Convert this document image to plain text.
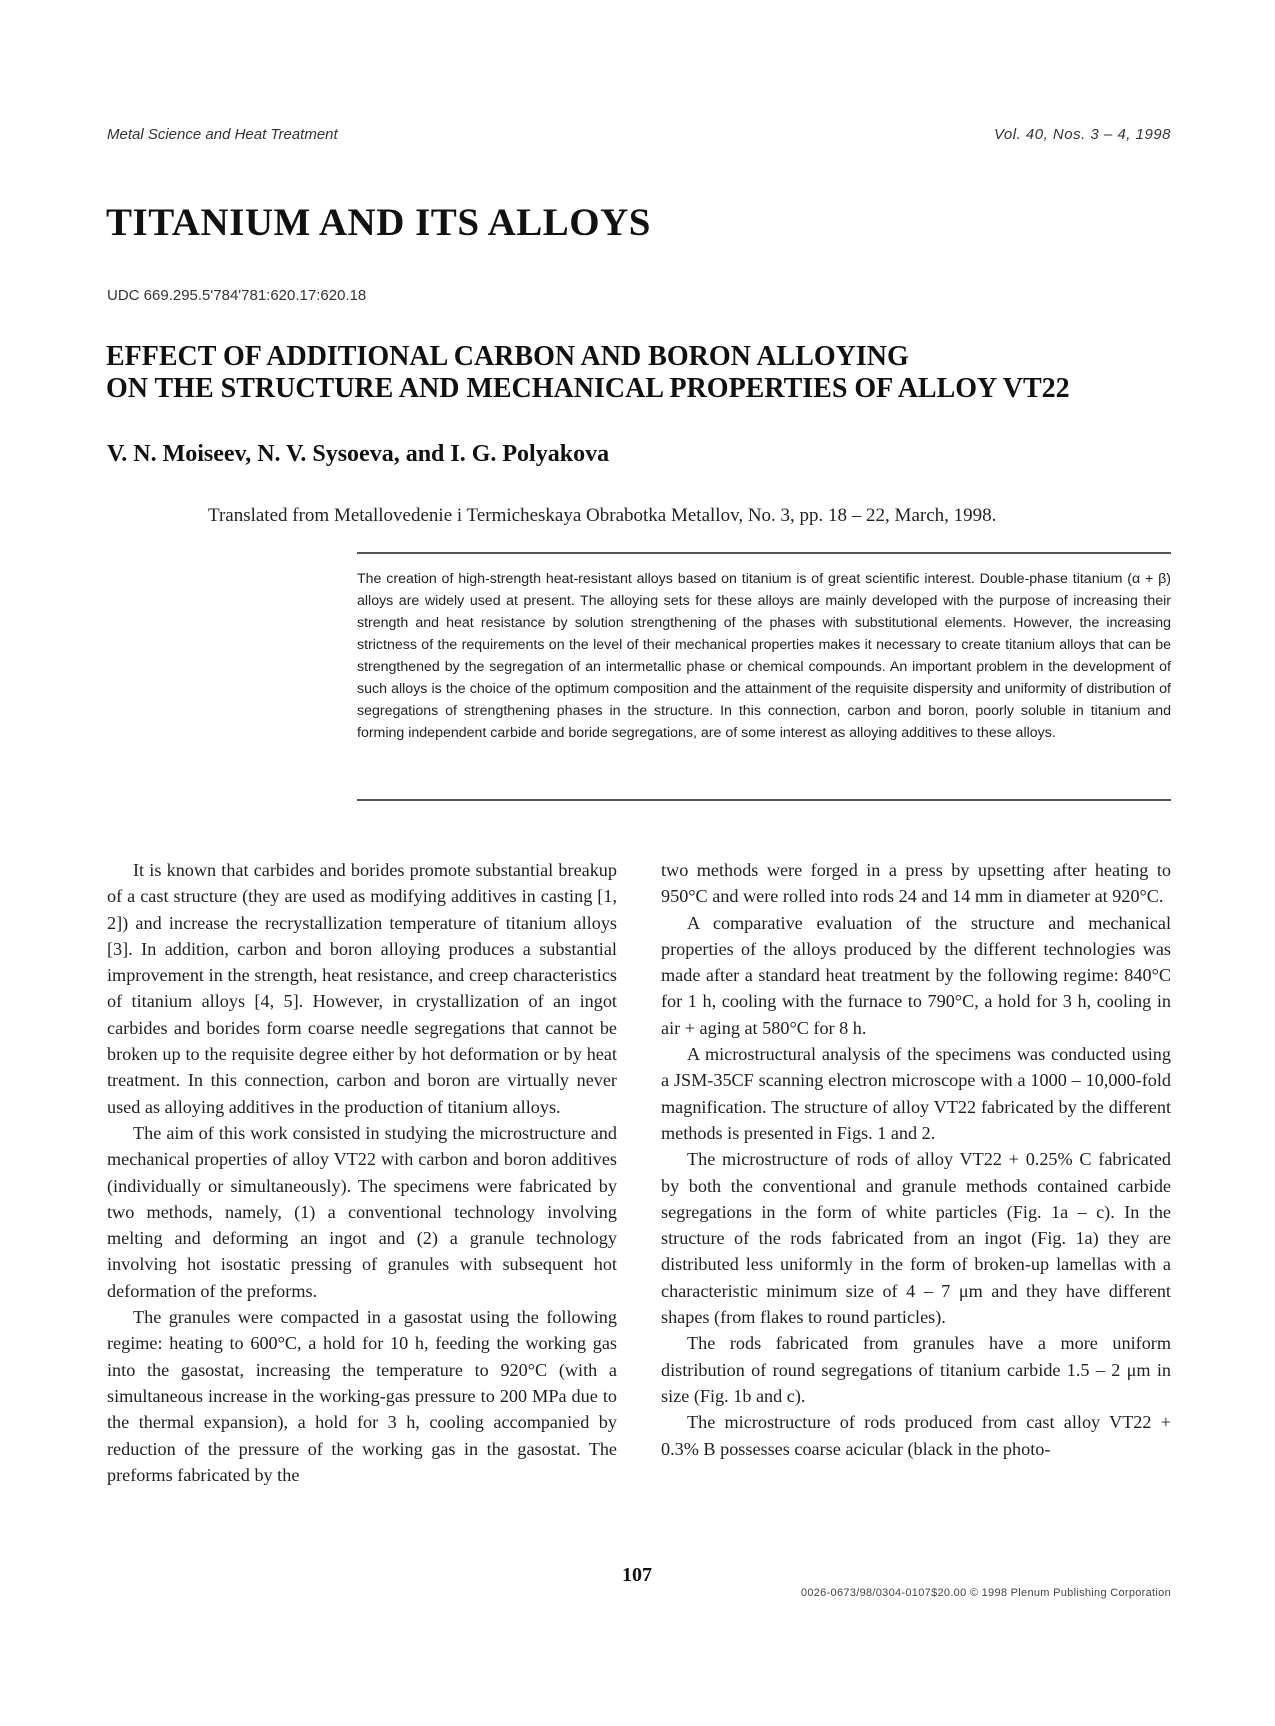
Metal Science and Heat Treatment	Vol. 40, Nos. 3 – 4, 1998
TITANIUM AND ITS ALLOYS
UDC 669.295.5'784'781:620.17:620.18
EFFECT OF ADDITIONAL CARBON AND BORON ALLOYING
ON THE STRUCTURE AND MECHANICAL PROPERTIES OF ALLOY VT22
V. N. Moiseev, N. V. Sysoeva, and I. G. Polyakova
Translated from Metallovedenie i Termicheskaya Obrabotka Metallov, No. 3, pp. 18 – 22, March, 1998.
The creation of high-strength heat-resistant alloys based on titanium is of great scientific interest. Double-phase titanium (α + β) alloys are widely used at present. The alloying sets for these alloys are mainly developed with the purpose of increasing their strength and heat resistance by solution strengthening of the phases with substitutional elements. However, the increasing strictness of the requirements on the level of their mechanical properties makes it necessary to create titanium alloys that can be strengthened by the segregation of an intermetallic phase or chemical compounds. An important problem in the development of such alloys is the choice of the optimum composition and the attainment of the requisite dispersity and uniformity of distribution of segregations of strengthening phases in the structure. In this connection, carbon and boron, poorly soluble in titanium and forming independent carbide and boride segregations, are of some interest as alloying additives to these alloys.

It is known that carbides and borides promote substantial breakup of a cast structure (they are used as modifying additives in casting [1, 2]) and increase the recrystallization temperature of titanium alloys [3]. In addition, carbon and boron alloying produces a substantial improvement in the strength, heat resistance, and creep characteristics of titanium alloys [4, 5]. However, in crystallization of an ingot carbides and borides form coarse needle segregations that cannot be broken up to the requisite degree either by hot deformation or by heat treatment. In this connection, carbon and boron are virtually never used as alloying additives in the production of titanium alloys.

The aim of this work consisted in studying the microstructure and mechanical properties of alloy VT22 with carbon and boron additives (individually or simultaneously). The specimens were fabricated by two methods, namely, (1) a conventional technology involving melting and deforming an ingot and (2) a granule technology involving hot isostatic pressing of granules with subsequent hot deformation of the preforms.

The granules were compacted in a gasostat using the following regime: heating to 600°C, a hold for 10 h, feeding the working gas into the gasostat, increasing the temperature to 920°C (with a simultaneous increase in the working-gas pressure to 200 MPa due to the thermal expansion), a hold for 3 h, cooling accompanied by reduction of the pressure of the working gas in the gasostat. The preforms fabricated by the

two methods were forged in a press by upsetting after heating to 950°C and were rolled into rods 24 and 14 mm in diameter at 920°C.

A comparative evaluation of the structure and mechanical properties of the alloys produced by the different technologies was made after a standard heat treatment by the following regime: 840°C for 1 h, cooling with the furnace to 790°C, a hold for 3 h, cooling in air + aging at 580°C for 8 h.

A microstructural analysis of the specimens was conducted using a JSM-35CF scanning electron microscope with a 1000 – 10,000-fold magnification. The structure of alloy VT22 fabricated by the different methods is presented in Figs. 1 and 2.

The microstructure of rods of alloy VT22 + 0.25% C fabricated by both the conventional and granule methods contained carbide segregations in the form of white particles (Fig. 1a – c). In the structure of the rods fabricated from an ingot (Fig. 1a) they are distributed less uniformly in the form of broken-up lamellas with a characteristic minimum size of 4 – 7 μm and they have different shapes (from flakes to round particles).

The rods fabricated from granules have a more uniform distribution of round segregations of titanium carbide 1.5 – 2 μm in size (Fig. 1b and c).

The microstructure of rods produced from cast alloy VT22 + 0.3% B possesses coarse acicular (black in the photo-

107
0026-0673/98/0304-0107$20.00 © 1998 Plenum Publishing Corporation
